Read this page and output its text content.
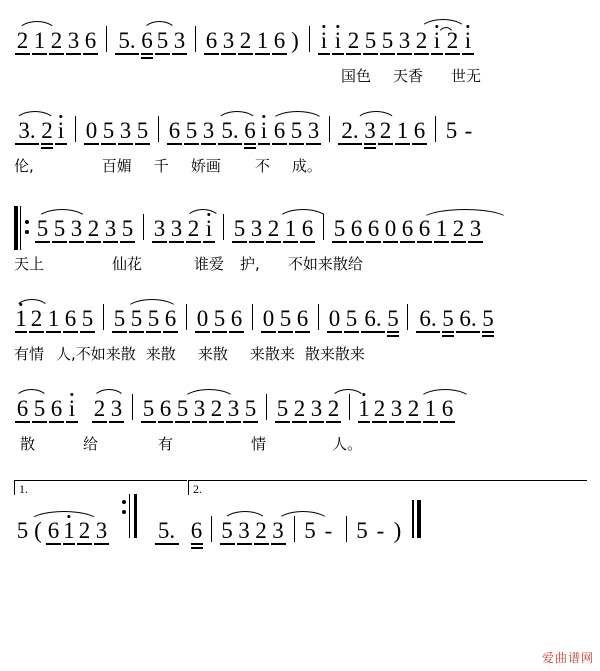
2 1 2 3 6 5. 6 5 3 6 3 2 1 6 ) i i 2 5 5 3 2 i 2 i
国色 天香 世无
3. 2 i 0 5 3 5 6 5 3 5. 6 i 6 5 3 2. 3 2 1 6 5 -
伦,	百媚 千 娇画 不 成。
5 5 3 2 3 5 3 3 2 i 5 3 2 1 6 5 6 6 0 6 6 1 2 3
天上	仙花	谁爱 护, 不如来散给
1 2 1 6 5 5 5 5 6 0 5 6 0 5 6 0 5 6. 5 6. 5 6. 5
有情 人,不如来散 来散 来散 来散来 散来散来
6 5 6 i 2 3 5 6 5 3 2 3 5 5 2 3 2 1 2 3 2 1 6
散	给	有	情	人。
1.	2.
5 ( 6 1 2 3 5. 6 5 3 2 3 5 - 5 - )
爱曲谱网
